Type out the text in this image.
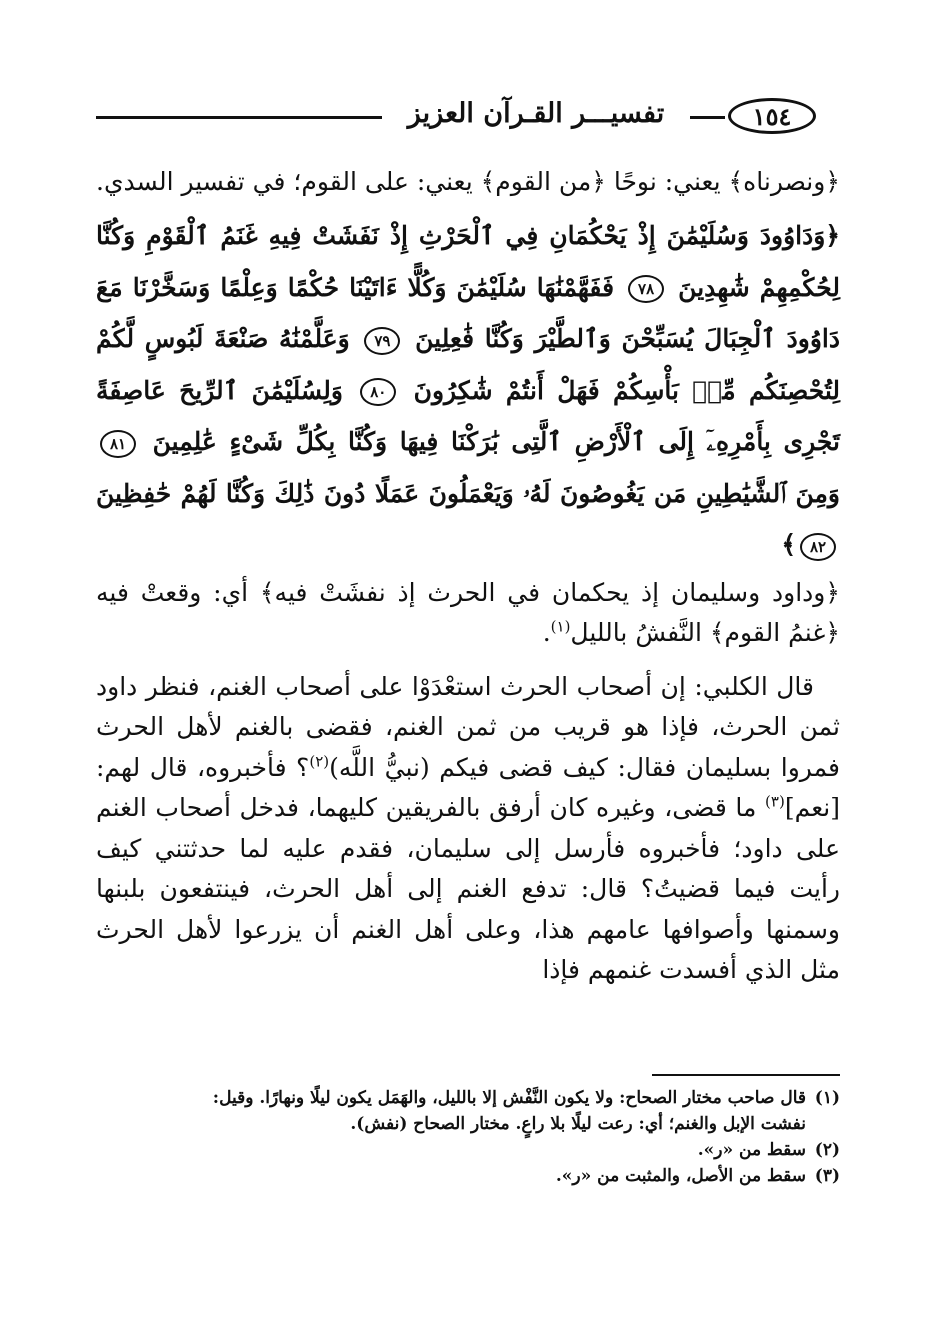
١٥٤
تفسيـــر القـرآن العزيز

﴿ونصرناه﴾ يعني: نوحًا ﴿من القوم﴾ يعني: على القوم؛ في تفسير السدي.

﴿وَدَاوُودَ وَسُلَيْمَٰنَ إِذْ يَحْكُمَانِ فِي ٱلْحَرْثِ إِذْ نَفَشَتْ فِيهِ غَنَمُ ٱلْقَوْمِ وَكُنَّا لِحُكْمِهِمْ شَٰهِدِينَ ٧٨ فَفَهَّمْنَٰهَا سُلَيْمَٰنَ وَكُلًّا ءَاتَيْنَا حُكْمًا وَعِلْمًا وَسَخَّرْنَا مَعَ دَاوُودَ ٱلْجِبَالَ يُسَبِّحْنَ وَٱلطَّيْرَ وَكُنَّا فَٰعِلِينَ ٧٩ وَعَلَّمْنَٰهُ صَنْعَةَ لَبُوسٍ لَّكُمْ لِتُحْصِنَكُم مِّنۢ بَأْسِكُمْ فَهَلْ أَنتُمْ شَٰكِرُونَ ٨٠ وَلِسُلَيْمَٰنَ ٱلرِّيحَ عَاصِفَةً تَجْرِى بِأَمْرِهِۦٓ إِلَى ٱلْأَرْضِ ٱلَّتِى بَٰرَكْنَا فِيهَا وَكُنَّا بِكُلِّ شَىْءٍ عَٰلِمِينَ ٨١ وَمِنَ ٱلشَّيَٰطِينِ مَن يَغُوصُونَ لَهُۥ وَيَعْمَلُونَ عَمَلًا دُونَ ذَٰلِكَ وَكُنَّا لَهُمْ حَٰفِظِينَ ٨٢﴾

﴿وداود وسليمان إذ يحكمان في الحرث إذ نفشَتْ فيه﴾ أي: وقعتْ فيه ﴿غنمُ القوم﴾ النَّفشُ بالليل$^{(١)}$.

قال الكلبي: إن أصحاب الحرث استعْدَوْا على أصحاب الغنم، فنظر داود ثمن الحرث، فإذا هو قريب من ثمن الغنم، فقضى بالغنم لأهل الحرث فمروا بسليمان فقال: كيف قضى فيكم (نبيُّ اللَّه)$^{(٢)}$؟ فأخبروه، قال لهم: [نعم]$^{(٣)}$ ما قضى، وغيره كان أرفق بالفريقين كليهما، فدخل أصحاب الغنم على داود؛ فأخبروه فأرسل إلى سليمان، فقدم عليه لما حدثتني كيف رأيت فيما قضيتُ؟ قال: تدفع الغنم إلى أهل الحرث، فينتفعون بلبنها وسمنها وأصوافها عامهم هذا، وعلى أهل الغنم أن يزرعوا لأهل الحرث مثل الذي أفسدت غنمهم فإذا

(١)قال صاحب مختار الصحاح: ولا يكون النَّفْش إلا بالليل، والهَمَل يكون ليلًا ونهارًا. وقيل:

نفشت الإبل والغنم؛ أي: رعت ليلًا بلا راعٍ. مختار الصحاح (نفش).

(٢)سقط من «ر».

(٣)سقط من الأصل، والمثبت من «ر».
